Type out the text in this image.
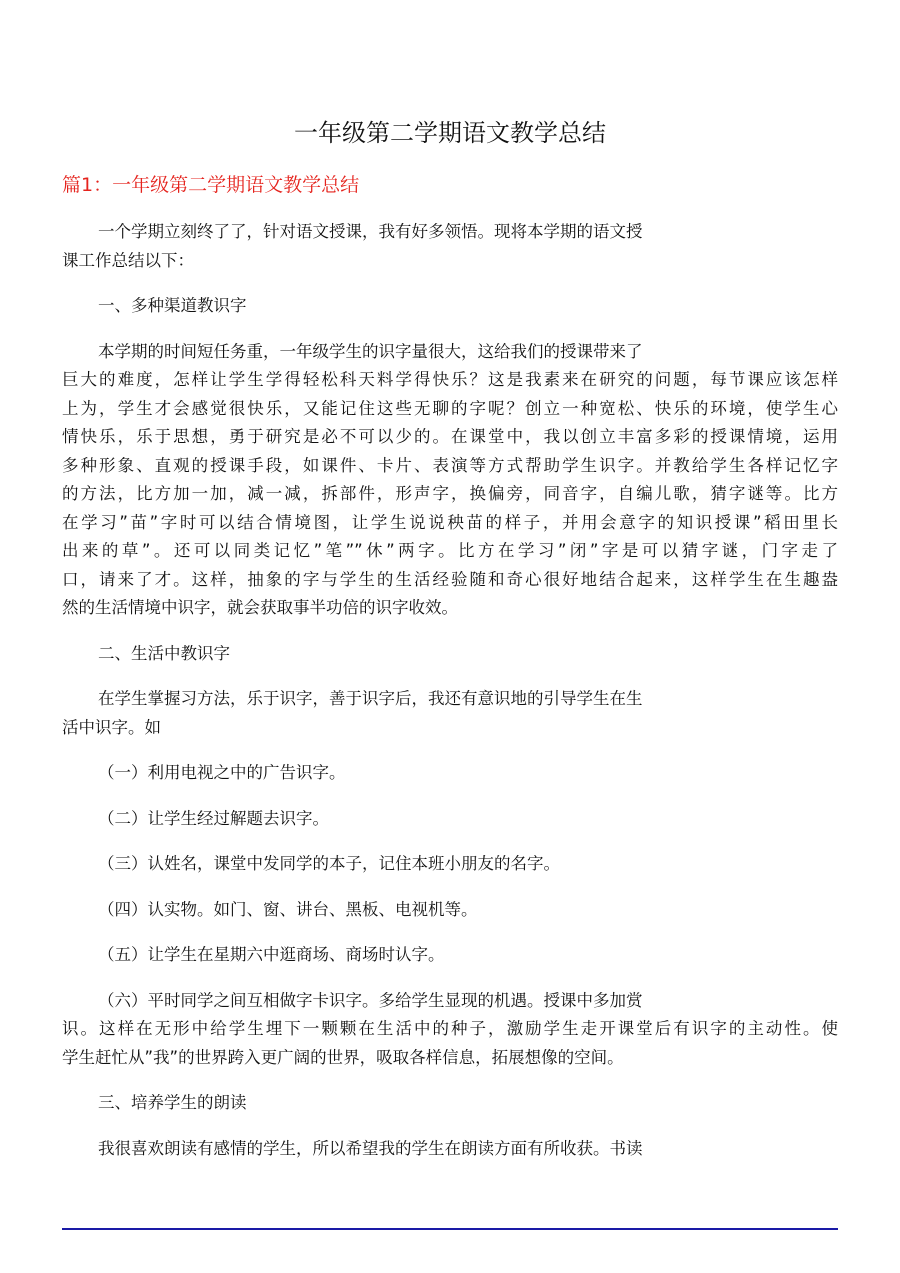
一年级第二学期语文教学总结
篇1：一年级第二学期语文教学总结
一个学期立刻终了了，针对语文授课，我有好多领悟。现将本学期的语文授
课工作总结以下：
一、多种渠道教识字
本学期的时间短任务重，一年级学生的识字量很大，这给我们的授课带来了
巨大的难度，怎样让学生学得轻松科天料学得快乐？这是我素来在研究的问题，每节课应该怎样
上为，学生才会感觉很快乐，又能记住这些无聊的字呢？创立一种宽松、快乐的环境，使学生心
情快乐，乐于思想，勇于研究是必不可以少的。在课堂中，我以创立丰富多彩的授课情境，运用
多种形象、直观的授课手段，如课件、卡片、表演等方式帮助学生识字。并教给学生各样记忆字
的方法，比方加一加，减一减，拆部件，形声字，换偏旁，同音字，自编儿歌，猜字谜等。比方
在学习”苗”字时可以结合情境图，让学生说说秧苗的样子，并用会意字的知识授课”稻田里长
出来的草”。还可以同类记忆”笔””休”两字。比方在学习”闭”字是可以猜字谜，门字走了
口，请来了才。这样，抽象的字与学生的生活经验随和奇心很好地结合起来，这样学生在生趣盎
然的生活情境中识字，就会获取事半功倍的识字收效。
二、生活中教识字
在学生掌握习方法，乐于识字，善于识字后，我还有意识地的引导学生在生
活中识字。如
（一）利用电视之中的广告识字。
（二）让学生经过解题去识字。
（三）认姓名，课堂中发同学的本子，记住本班小朋友的名字。
（四）认实物。如门、窗、讲台、黑板、电视机等。
（五）让学生在星期六中逛商场、商场时认字。
（六）平时同学之间互相做字卡识字。多给学生显现的机遇。授课中多加赏
识。这样在无形中给学生埋下一颗颗在生活中的种子，激励学生走开课堂后有识字的主动性。使
学生赶忙从”我”的世界跨入更广阔的世界，吸取各样信息，拓展想像的空间。
三、培养学生的朗读
我很喜欢朗读有感情的学生，所以希望我的学生在朗读方面有所收获。书读
